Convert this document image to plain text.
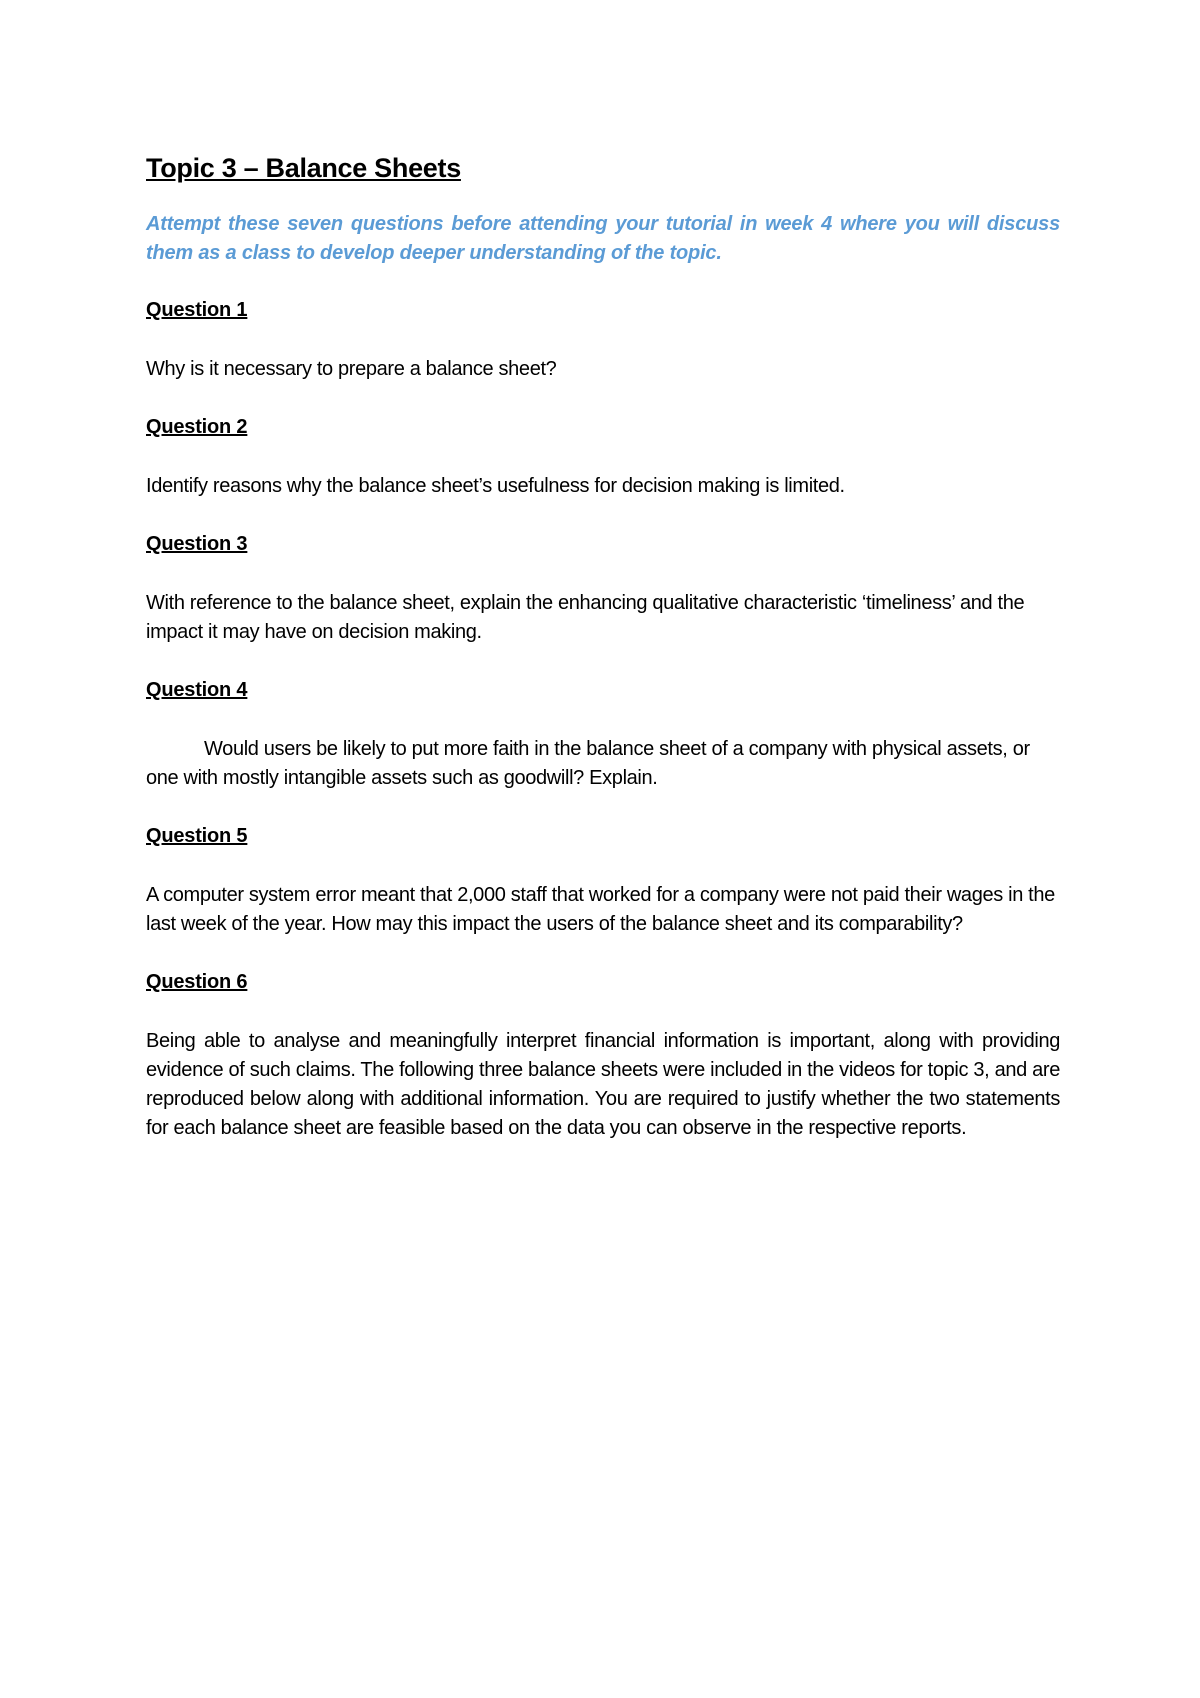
Topic 3 – Balance Sheets

Attempt these seven questions before attending your tutorial in week 4 where you will discuss them as a class to develop deeper understanding of the topic.

Question 1

Why is it necessary to prepare a balance sheet?

Question 2

Identify reasons why the balance sheet’s usefulness for decision making is limited.

Question 3

With reference to the balance sheet, explain the enhancing qualitative characteristic ‘timeliness’ and the impact it may have on decision making.

Question 4

Would users be likely to put more faith in the balance sheet of a company with physical assets, or one with mostly intangible assets such as goodwill? Explain.

Question 5

A computer system error meant that 2,000 staff that worked for a company were not paid their wages in the last week of the year. How may this impact the users of the balance sheet and its comparability?

Question 6

Being able to analyse and meaningfully interpret financial information is important, along with providing evidence of such claims. The following three balance sheets were included in the videos for topic 3, and are reproduced below along with additional information. You are required to justify whether the two statements for each balance sheet are feasible based on the data you can observe in the respective reports.
